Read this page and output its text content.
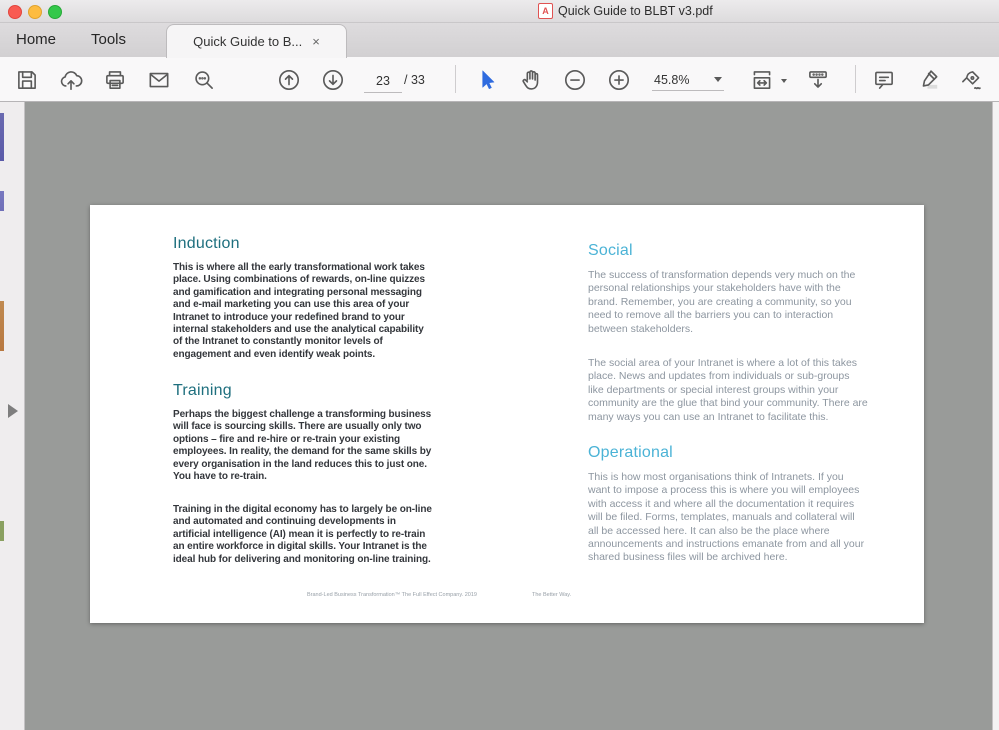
A Quick Guide to BLBT v3.pdf
Home Tools	Quick Guide to B... ×
23
/ 33	45.8%
Induction
This is where all the early transformational work takes place. Using combinations of rewards, on-line quizzes and gamification and integrating personal messaging and e-mail marketing you can use this area of your Intranet to introduce your redefined brand to your internal stakeholders and use the analytical capability of the Intranet to constantly monitor levels of engagement and even identify weak points.
Training
Perhaps the biggest challenge a transforming business will face is sourcing skills. There are usually only two options – fire and re-hire or re-train your existing employees. In reality, the demand for the same skills by every organisation in the land reduces this to just one. You have to re-train.
Training in the digital economy has to largely be on-line and automated and continuing developments in artificial intelligence (AI) mean it is perfectly to re-train an entire workforce in digital skills. Your Intranet is the ideal hub for delivering and monitoring on-line training.
Social
The success of transformation depends very much on the personal relationships your stakeholders have with the brand. Remember, you are creating a community, so you need to remove all the barriers you can to interaction between stakeholders.
The social area of your Intranet is where a lot of this takes place. News and updates from individuals or sub-groups like departments or special interest groups within your community are the glue that bind your community. There are many ways you can use an Intranet to facilitate this.
Operational
This is how most organisations think of Intranets. If you want to impose a process this is where you will employees with access it and where all the documentation it requires will be filed. Forms, templates, manuals and collateral will all be accessed here. It can also be the place where announcements and instructions emanate from and all your shared business files will be archived here.
Brand-Led Business Transformation™ The Full Effect Company. 2019	The Better Way.
